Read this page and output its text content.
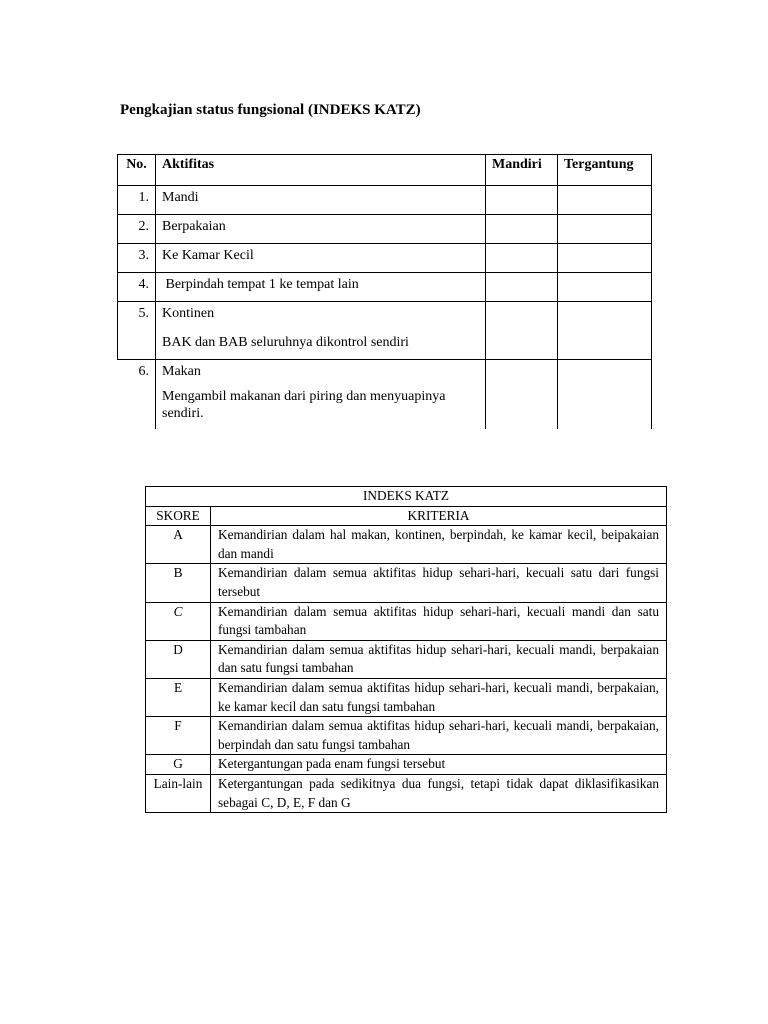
Pengkajian status fungsional (INDEKS KATZ)
No.	Aktifitas	Mandiri	Tergantung
1.	Mandi		
2.	Berpakaian		
3.	Ke Kamar Kecil		
4.	Berpindah tempat 1 ke tempat lain		
5.	Kontinen
BAK dan BAB seluruhnya dikontrol sendiri		

6.	Makan
Mengambil makanan dari piring dan menyuapinya sendiri.		

INDEKS KATZ	
SKORE	KRITERIA
A	Kemandirian dalam hal makan, kontinen, berpindah, ke kamar kecil, beipakaian dan mandi
B	Kemandirian dalam semua aktifitas hidup sehari-hari, kecuali satu dari fungsi tersebut
C	Kemandirian dalam semua aktifitas hidup sehari-hari, kecuali mandi dan satu fungsi tambahan
D	Kemandirian dalam semua aktifitas hidup sehari-hari, kecuali mandi, berpakaian dan satu fungsi tambahan
E	Kemandirian dalam semua aktifitas hidup sehari-hari, kecuali mandi, berpakaian, ke kamar kecil dan satu fungsi tambahan
F	Kemandirian dalam semua aktifitas hidup sehari-hari, kecuali mandi, berpakaian, berpindah dan satu fungsi tambahan
G	Ketergantungan pada enam fungsi tersebut
Lain-lain	Ketergantungan pada sedikitnya dua fungsi, tetapi tidak dapat diklasifikasikan sebagai C, D, E, F dan G
